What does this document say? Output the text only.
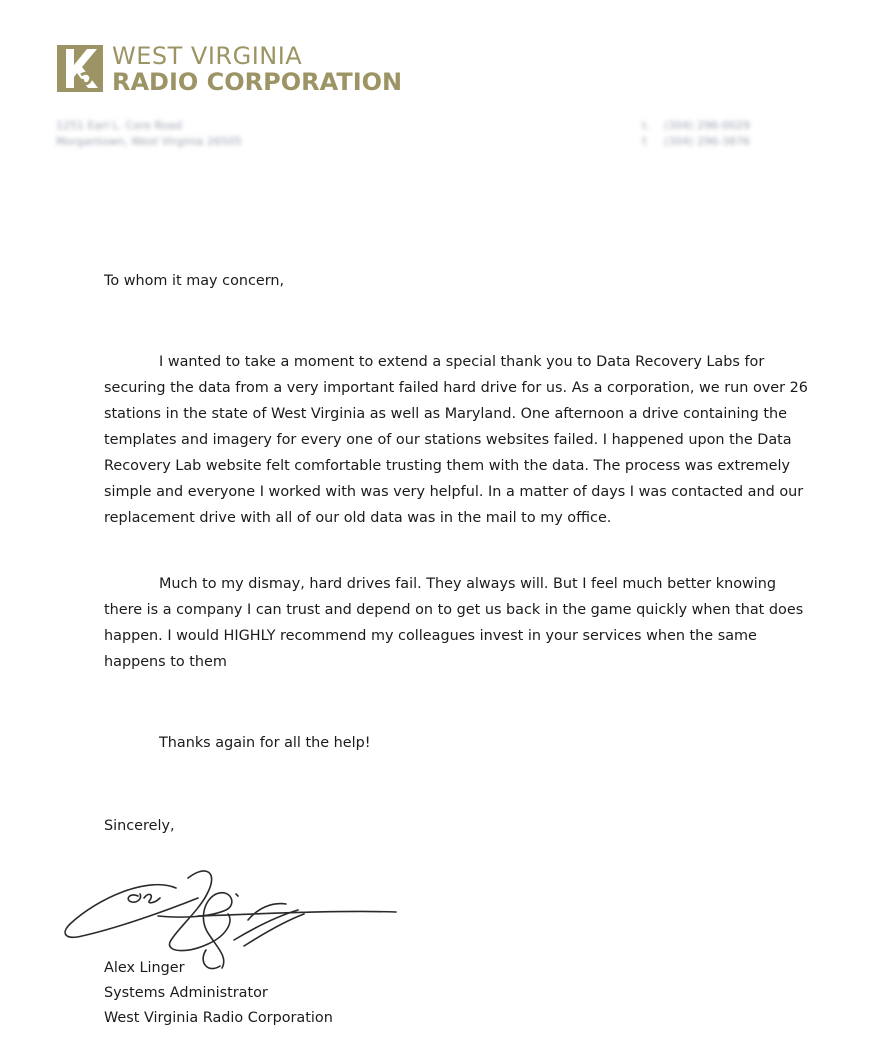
WEST VIRGINIA
RADIO CORPORATION
1251 Earl L. Core Road
Morgantown, West Virginia 26505
t. (304) 296-0029
f. (304) 296-3876

To whom it may concern,

I wanted to take a moment to extend a special thank you to Data Recovery Labs for securing the data from a very important failed hard drive for us. As a corporation, we run over 26 stations in the state of West Virginia as well as Maryland. One afternoon a drive containing the templates and imagery for every one of our stations websites failed. I happened upon the Data Recovery Lab website felt comfortable trusting them with the data. The process was extremely simple and everyone I worked with was very helpful. In a matter of days I was contacted and our replacement drive with all of our old data was in the mail to my office.

Much to my dismay, hard drives fail. They always will. But I feel much better knowing there is a company I can trust and depend on to get us back in the game quickly when that does happen. I would HIGHLY recommend my colleagues invest in your services when the same happens to them

Thanks again for all the help!

Sincerely,

Alex Linger
Systems Administrator
West Virginia Radio Corporation
